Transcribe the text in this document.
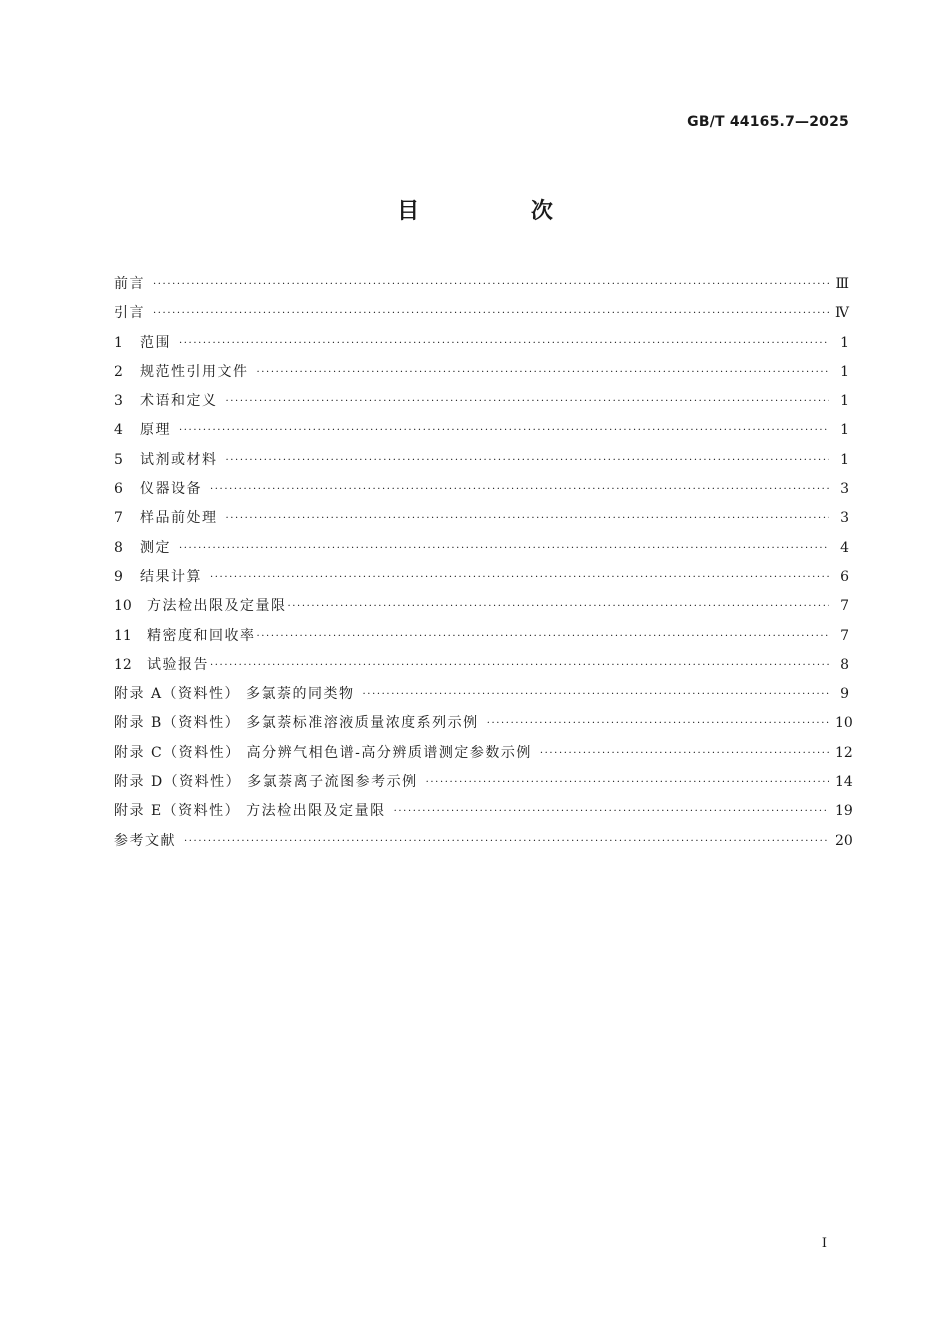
GB/T 44165.7—2025
目 次
前言 ·····	Ⅲ
引言 ·····	Ⅳ
1	范围 ·····	1
2	规范性引用文件 ·····	1
3	术语和定义 ·····	1
4	原理 ·····	1
5	试剂或材料 ·····	1
6	仪器设备 ·····	3
7	样品前处理 ·····	3
8	测定 ·····	4
9	结果计算 ·····	6
10	方法检出限及定量限 ·····	7
11	精密度和回收率 ·····	7
12	试验报告 ·····	8
附录 A（资料性） 多氯萘的同类物 ·····	9
附录 B（资料性） 多氯萘标准溶液质量浓度系列示例 ·····	10
附录 C（资料性） 高分辨气相色谱-高分辨质谱测定参数示例 ·····	12
附录 D（资料性） 多氯萘离子流图参考示例 ·····	14
附录 E（资料性） 方法检出限及定量限 ·····	19
参考文献 ·····	20
I
